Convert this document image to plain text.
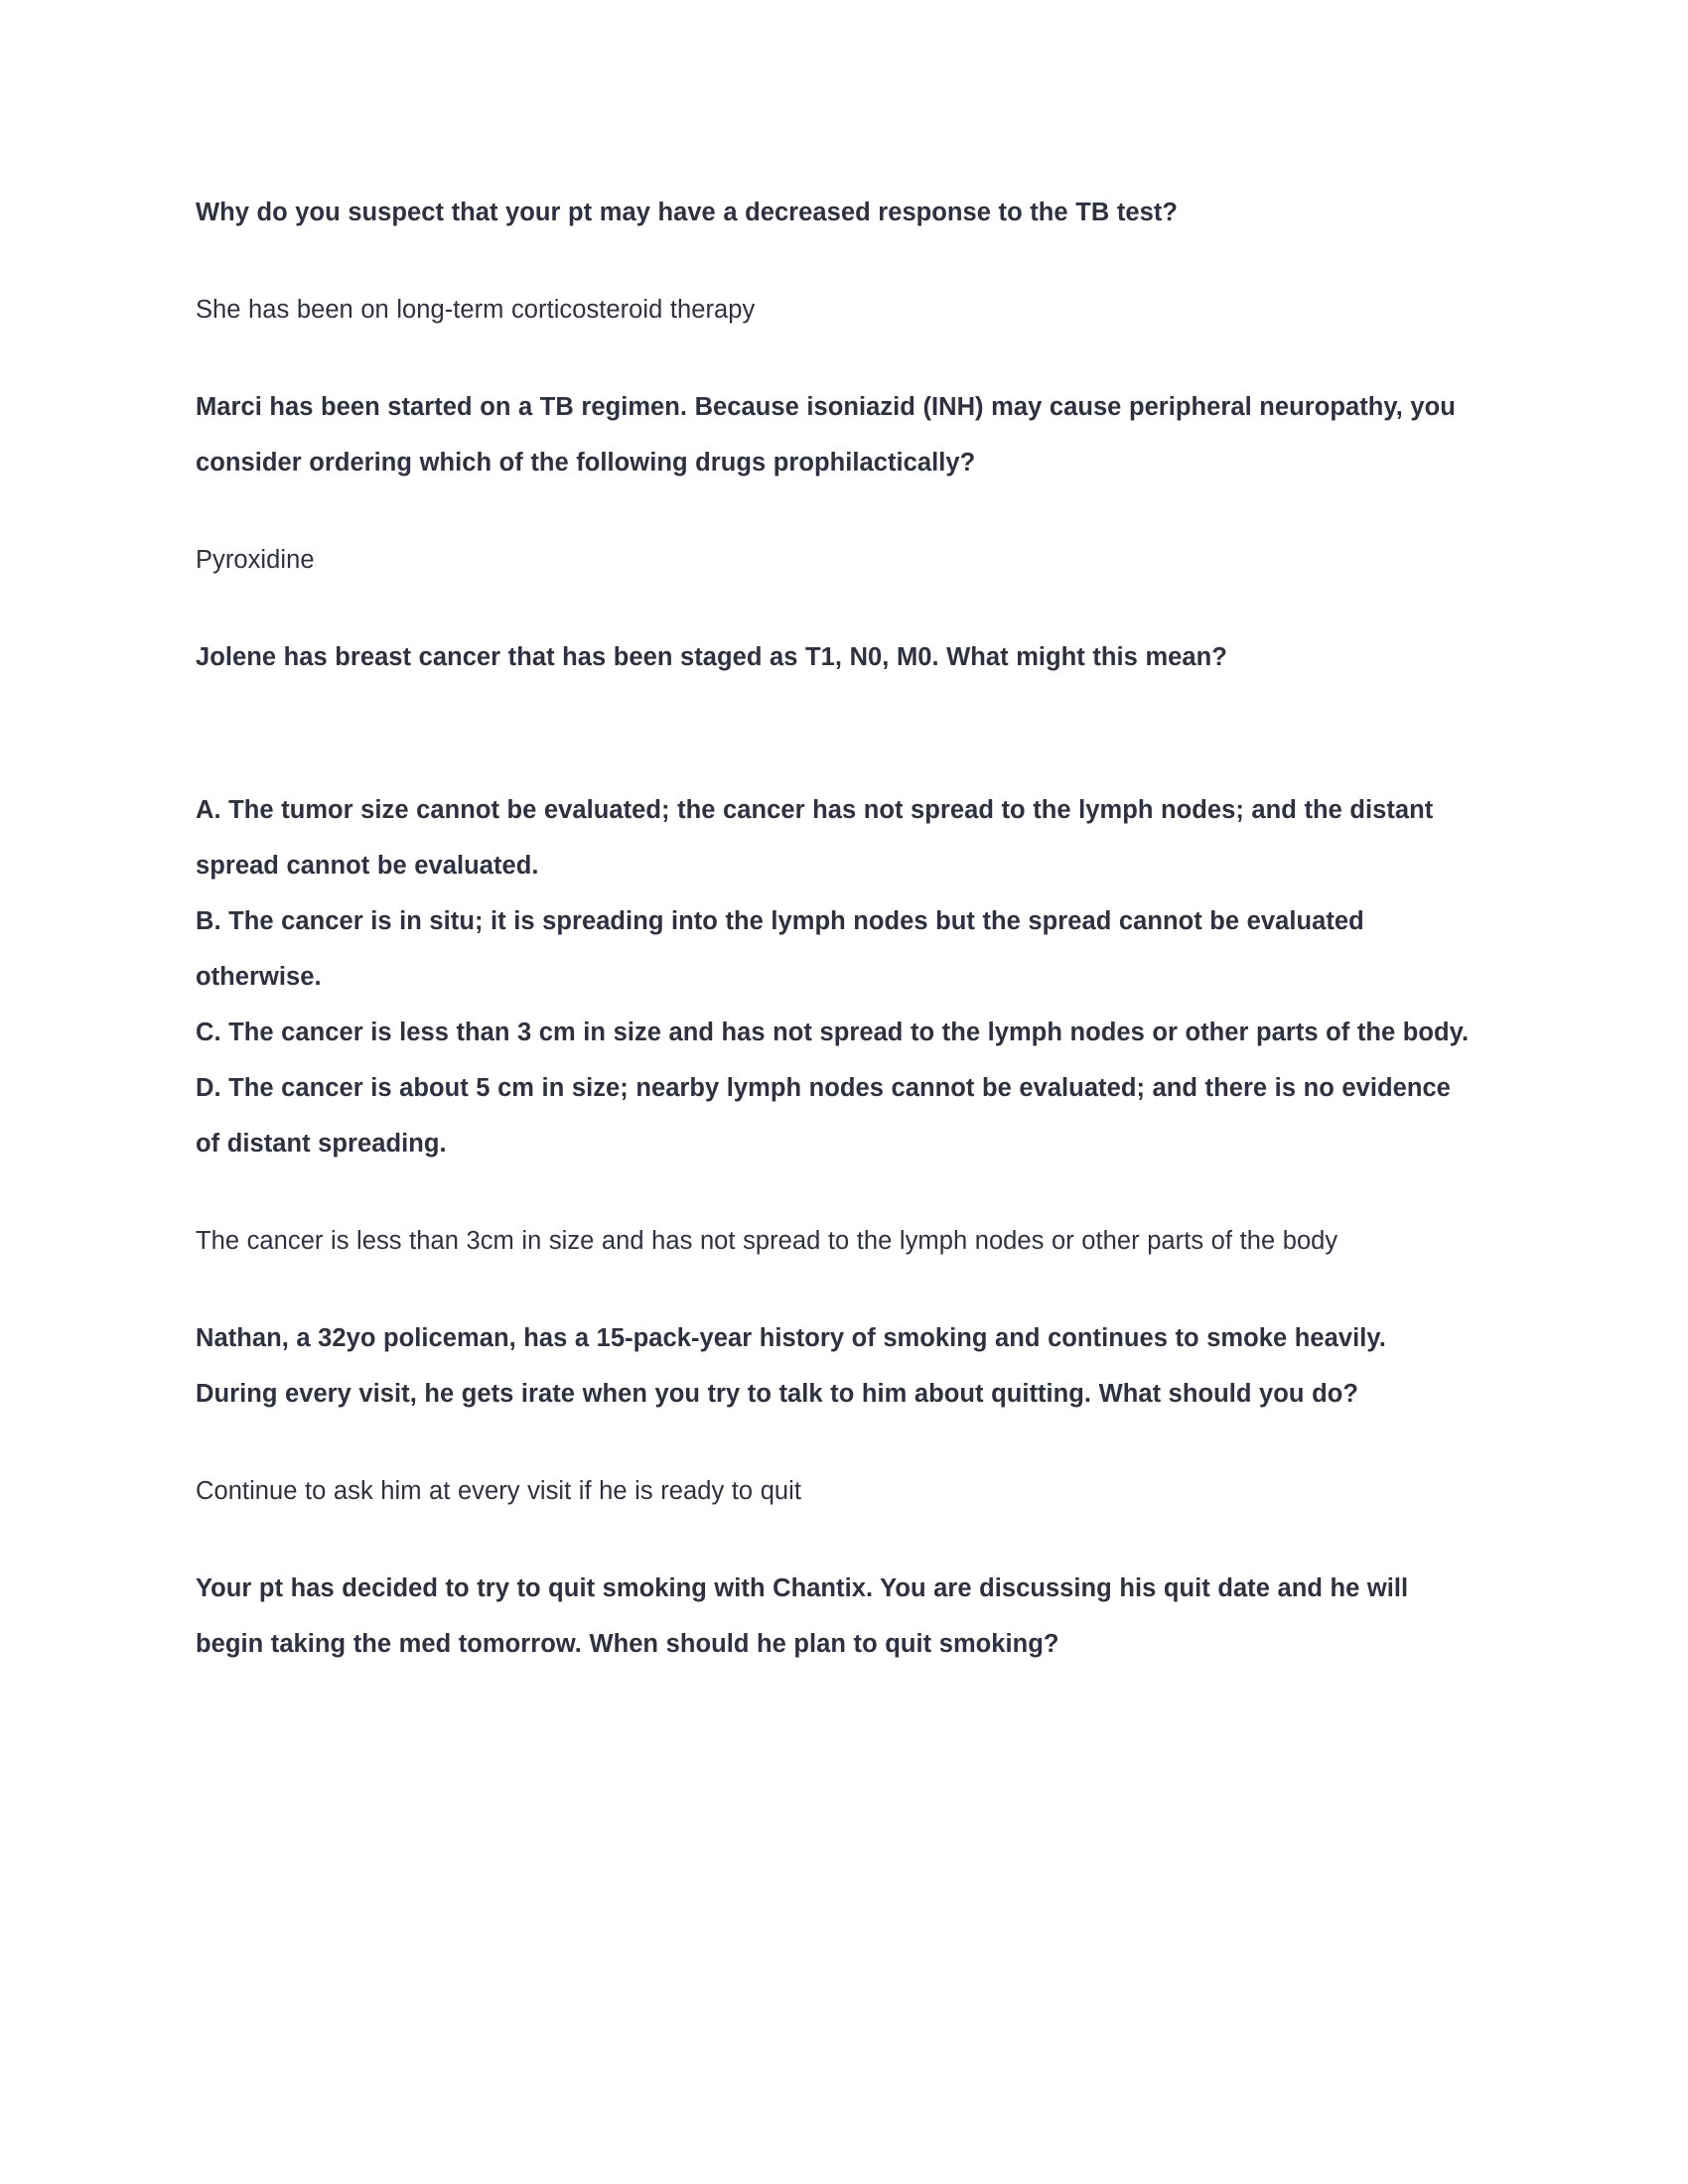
Why do you suspect that your pt may have a decreased response to the TB test?

She has been on long-term corticosteroid therapy

Marci has been started on a TB regimen. Because isoniazid (INH) may cause peripheral neuropathy, you consider ordering which of the following drugs prophilactically?

Pyroxidine

Jolene has breast cancer that has been staged as T1, N0, M0. What might this mean?

A. The tumor size cannot be evaluated; the cancer has not spread to the lymph nodes; and the distant spread cannot be evaluated.
B. The cancer is in situ; it is spreading into the lymph nodes but the spread cannot be evaluated otherwise.
C. The cancer is less than 3 cm in size and has not spread to the lymph nodes or other parts of the body.
D. The cancer is about 5 cm in size; nearby lymph nodes cannot be evaluated; and there is no evidence of distant spreading.

The cancer is less than 3cm in size and has not spread to the lymph nodes or other parts of the body

Nathan, a 32yo policeman, has a 15-pack-year history of smoking and continues to smoke heavily. During every visit, he gets irate when you try to talk to him about quitting. What should you do?

Continue to ask him at every visit if he is ready to quit

Your pt has decided to try to quit smoking with Chantix. You are discussing his quit date and he will begin taking the med tomorrow. When should he plan to quit smoking?
